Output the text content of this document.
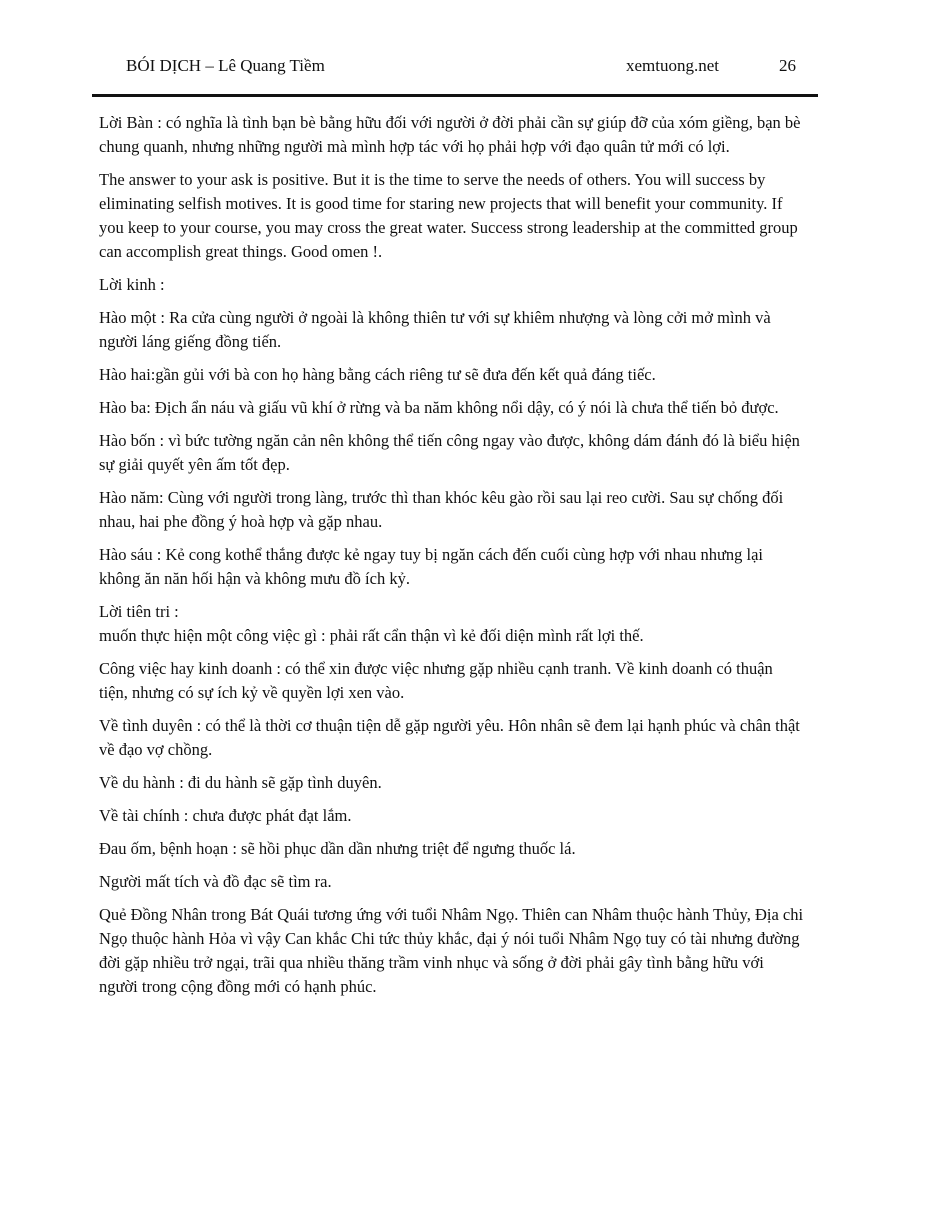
BÓI DỊCH – Lê Quang Tiềm	xemtuong.net	26

Lời Bàn : có nghĩa là tình bạn bè bằng hữu đối với người ở đời phải cần sự giúp đỡ của xóm giềng, bạn bè chung quanh, nhưng những người mà mình hợp tác với họ phải hợp với đạo quân tử mới có lợi.

The answer to your ask is positive. But it is the time to serve the needs of others. You will success by eliminating selfish motives. It is good time for staring new projects that will benefit your community. If you keep to your course, you may cross the great water. Success strong leadership at the committed group can accomplish great things. Good omen !.

Lời kinh :

Hào một : Ra cửa cùng người ở ngoài là không thiên tư với sự khiêm nhượng và lòng cởi mở mình và người láng giếng đồng tiến.

Hào hai:gần gủi với bà con họ hàng bằng cách riêng tư sẽ đưa đến kết quả đáng tiếc.

Hào ba: Địch ẩn náu và giấu vũ khí ở rừng và ba năm không nổi dậy, có ý nói là chưa thể tiến bỏ được.

Hào bốn : vì bức tường ngăn cản nên không thể tiến công ngay vào được, không dám đánh đó là biểu hiện sự giải quyết yên ấm tốt đẹp.

Hào năm: Cùng với người trong làng, trước thì than khóc kêu gào rồi sau lại reo cười. Sau sự chống đối nhau, hai phe đồng ý hoà hợp và gặp nhau.

Hào sáu : Kẻ cong kothể thắng được kẻ ngay tuy bị ngăn cách đến cuối cùng hợp với nhau nhưng lại không ăn năn hối hận và không mưu đồ ích kỷ.

Lời tiên tri :

muốn thực hiện một công việc gì : phải rất cẩn thận vì kẻ đối diện mình rất lợi thế.

Công việc hay kinh doanh : có thể xin được việc nhưng gặp nhiều cạnh tranh. Về kinh doanh có thuận tiện, nhưng có sự ích kỷ về quyền lợi xen vào.

Về tình duyên : có thể là thời cơ thuận tiện dễ gặp người yêu. Hôn nhân sẽ đem lại hạnh phúc và chân thật về đạo vợ chồng.

Về du hành : đi du hành sẽ gặp tình duyên.

Về tài chính : chưa được phát đạt lắm.

Đau ốm, bệnh hoạn : sẽ hồi phục dần dần nhưng triệt để ngưng thuốc lá.

Người mất tích và đồ đạc sẽ tìm ra.

Quẻ Đồng Nhân trong Bát Quái tương ứng với tuổi Nhâm Ngọ. Thiên can Nhâm thuộc hành Thủy, Địa chi Ngọ thuộc hành Hỏa vì vậy Can khắc Chi tức thủy khắc, đại ý nói tuổi Nhâm Ngọ tuy có tài nhưng đường đời gặp nhiều trở ngại, trãi qua nhiều thăng trầm vinh nhục và sống ở đời phải gây tình bằng hữu với người trong cộng đồng mới có hạnh phúc.
